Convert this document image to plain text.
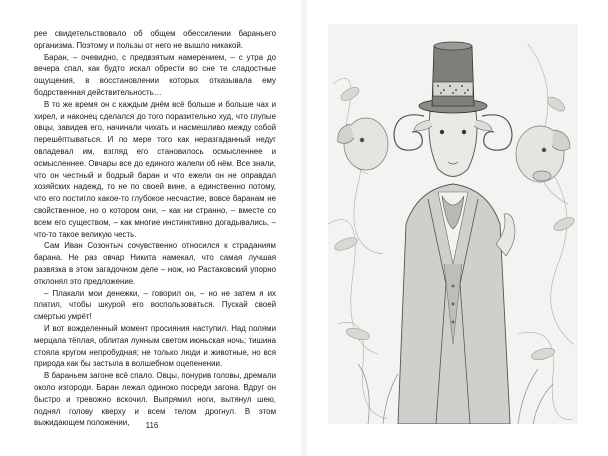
рее свидетельствовало об общем обессилении бараньего организма. Поэтому и пользы от него не вышло никакой.

Баран, – очевидно, с предвзятым намерением, – с утра до вечера спал, как будто искал обрести во сне те сладостные ощущения, в восстановлении которых отказывала ему бодрственная действительность…

В то же время он с каждым днём всё больше и больше чах и хирел, и наконец сделался до того поразительно худ, что глупые овцы, завидев его, начинали чихать и насмешливо между собой перешёптываться. И по мере того как неразгаданный недуг овладевал им, взгляд его становилось осмысленнее и осмысленнее. Овчары все до единого жалели об нём. Все знали, что он честный и бодрый баран и что ежели он не оправдал хозяйских надежд, то не по своей вине, а единственно потому, что его постигло какое-то глубокое несчастие, вовсе баранам не свойственное, но о котором они, – как ни странно, – вместе со всем его существом, – как многие инстинктивно догадывались, – что-то такое великую честь.

Сам Иван Созонтыч сочувственно относился к страданиям барана. Не раз овчар Никита намекал, что самая лучшая развязка в этом загадочном деле – нож, но Растаковский упорно отклонял это предложение.

– Плакали мои денежки, – говорил он, – но не затем я их платил, чтобы шкурой его воспользоваться. Пускай своей смертью умрёт!

И вот вожделенный момент просияния наступил. Над полями мерцала тёплая, облитая лунным светом июньская ночь; тишина стояла кругом непробудная; не только люди и животные, но вся природа как бы застыла в волшебном оцепенении.

В бараньем загоне всё спало. Овцы, понурив головы, дремали около изгороди. Баран лежал одиноко посреди загона. Вдруг он быстро и тревожно вскочил. Выпрямил ноги, вытянул шею, поднял голову кверху и всем телом дрогнул. В этом выжидающем положении,	116
